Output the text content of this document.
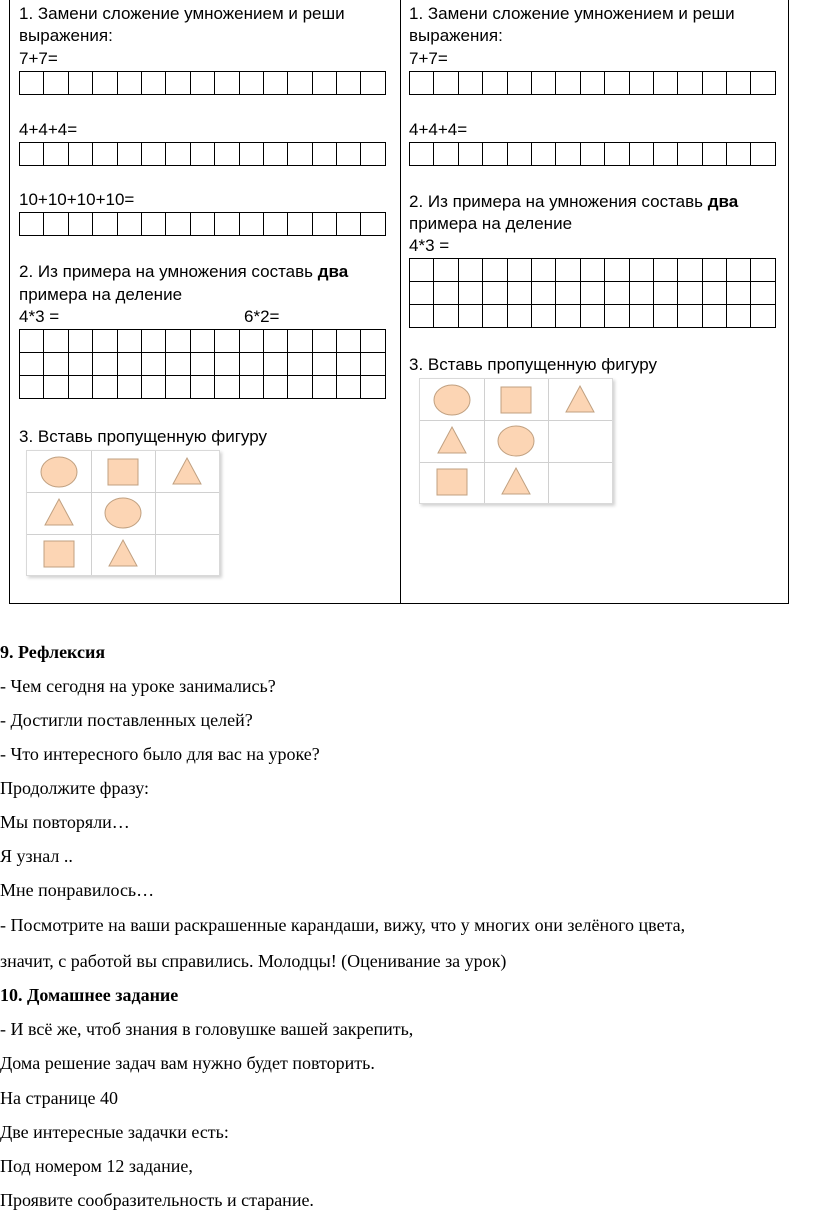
1. Замени сложение умножением и реши
выражения:
7+7=

4+4+4=

10+10+10+10=

2. Из примера на умножения составь два
примера на деление
4*3 =	6*2=

3. Вставь пропущенную фигуру
1. Замени сложение умножением и реши
выражения:
7+7=

4+4+4=

2. Из примера на умножения составь два
примера на деление
4*3 =

3. Вставь пропущенную фигуру
9. Рефлексия
- Чем сегодня на уроке занимались?
- Достигли поставленных целей?
- Что интересного было для вас на уроке?
Продолжите фразу:
Мы повторяли…
Я узнал ..
Мне понравилось…
- Посмотрите на ваши раскрашенные карандаши, вижу, что у многих они зелёного цвета,
значит, с работой вы справились. Молодцы! (Оценивание за урок)
10. Домашнее задание
- И всё же, чтоб знания в головушке вашей закрепить,
Дома решение задач вам нужно будет повторить.
На странице 40
Две интересные задачки есть:
Под номером 12 задание,
Проявите сообразительность и старание.
